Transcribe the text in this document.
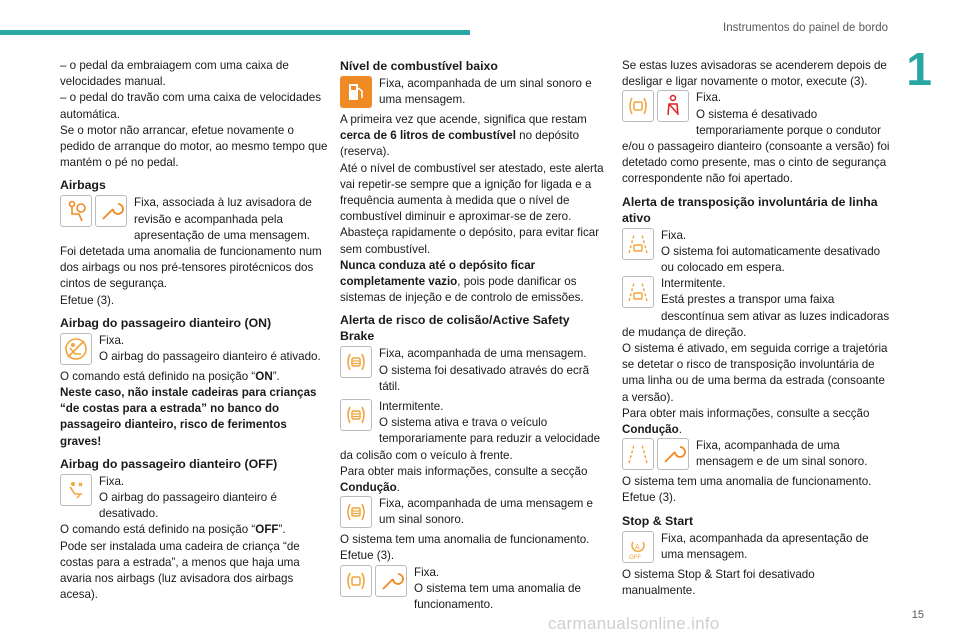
Instrumentos do painel de bordo
1

– o pedal da embraiagem com uma caixa de velocidades manual.

– o pedal do travão com uma caixa de velocidades automática.

Se o motor não arrancar, efetue novamente o pedido de arranque do motor, ao mesmo tempo que mantém o pé no pedal.

Airbags

Fixa, associada à luz avisadora de revisão e acompanhada pela apresentação de uma mensagem.

Foi detetada uma anomalia de funcionamento num dos airbags ou nos pré-tensores pirotécnicos dos cintos de segurança.

Efetue (3).

Airbag do passageiro dianteiro (ON)

Fixa.

O airbag do passageiro dianteiro é ativado.

O comando está definido na posição “ON”.

Neste caso, não instale cadeiras para crianças “de costas para a estrada” no banco do passageiro dianteiro, risco de ferimentos graves!

Airbag do passageiro dianteiro (OFF)

Fixa.

O airbag do passageiro dianteiro é desativado.

O comando está definido na posição “OFF”.

Pode ser instalada uma cadeira de criança “de costas para a estrada”, a menos que haja uma avaria nos airbags (luz avisadora dos airbags acesa).

Nível de combustível baixo

Fixa, acompanhada de um sinal sonoro e uma mensagem.

A primeira vez que acende, significa que restam cerca de 6 litros de combustível no depósito (reserva).

Até o nível de combustível ser atestado, este alerta vai repetir-se sempre que a ignição for ligada e a frequência aumenta à medida que o nível de combustível diminuir e aproximar-se de zero.

Abasteça rapidamente o depósito, para evitar ficar sem combustível.

Nunca conduza até o depósito ficar completamente vazio, pois pode danificar os sistemas de injeção e de controlo de emissões.

Alerta de risco de colisão/Active Safety Brake

Fixa, acompanhada de uma mensagem.

O sistema foi desativado através do ecrã tátil.

Intermitente.

O sistema ativa e trava o veículo temporariamente para reduzir a velocidade da colisão com o veículo à frente.

Para obter mais informações, consulte a secção Condução.

Fixa, acompanhada de uma mensagem e um sinal sonoro.

O sistema tem uma anomalia de funcionamento.

Efetue (3).

Fixa.

O sistema tem uma anomalia de funcionamento.

Se estas luzes avisadoras se acenderem depois de desligar e ligar novamente o motor, execute (3).

Fixa.

O sistema é desativado temporariamente porque o condutor e/ou o passageiro dianteiro (consoante a versão) foi detetado como presente, mas o cinto de segurança correspondente não foi apertado.

Alerta de transposição involuntária de linha ativo

Fixa.

O sistema foi automaticamente desativado ou colocado em espera.

Intermitente.

Está prestes a transpor uma faixa descontínua sem ativar as luzes indicadoras de mudança de direção.

O sistema é ativado, em seguida corrige a trajetória se detetar o risco de transposição involuntária de uma linha ou de uma berma da estrada (consoante a versão).

Para obter mais informações, consulte a secção Condução.

Fixa, acompanhada de uma mensagem e de um sinal sonoro.

O sistema tem uma anomalia de funcionamento.

Efetue (3).

Stop & Start
A
OFF

Fixa, acompanhada da apresentação de uma mensagem.

O sistema Stop & Start foi desativado manualmente.

15
carmanualsonline.info
